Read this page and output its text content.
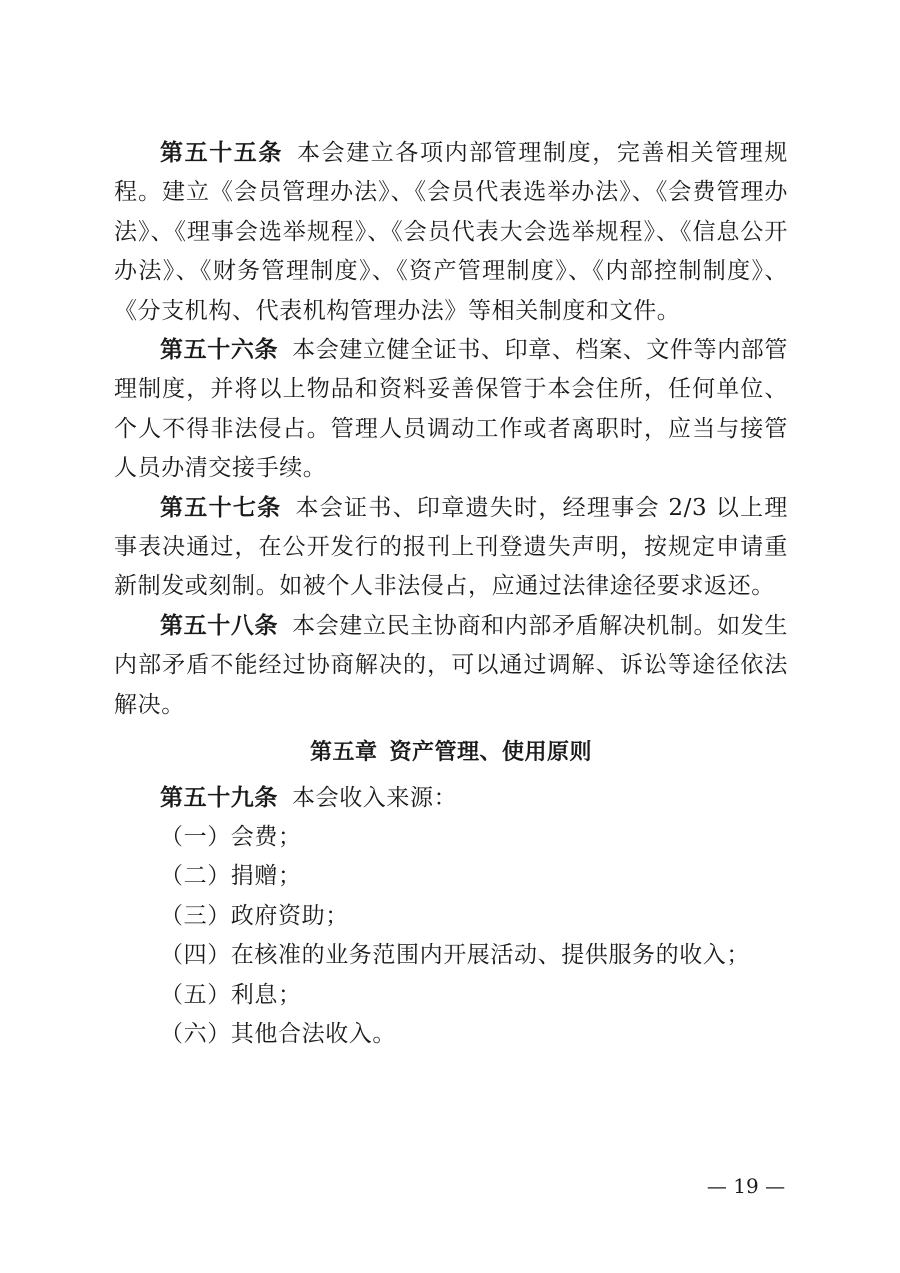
第五十五条 本会建立各项内部管理制度，完善相关管理规程。建立《会员管理办法》、《会员代表选举办法》、《会费管理办法》、《理事会选举规程》、《会员代表大会选举规程》、《信息公开办法》、《财务管理制度》、《资产管理制度》、《内部控制制度》、《分支机构、代表机构管理办法》等相关制度和文件。

第五十六条 本会建立健全证书、印章、档案、文件等内部管理制度，并将以上物品和资料妥善保管于本会住所，任何单位、个人不得非法侵占。管理人员调动工作或者离职时，应当与接管人员办清交接手续。

第五十七条 本会证书、印章遗失时，经理事会 2/3 以上理事表决通过，在公开发行的报刊上刊登遗失声明，按规定申请重新制发或刻制。如被个人非法侵占，应通过法律途径要求返还。

第五十八条 本会建立民主协商和内部矛盾解决机制。如发生内部矛盾不能经过协商解决的，可以通过调解、诉讼等途径依法解决。

第五章 资产管理、使用原则

第五十九条 本会收入来源：

（一）会费；

（二）捐赠；

（三）政府资助；

（四）在核准的业务范围内开展活动、提供服务的收入；

（五）利息；

（六）其他合法收入。

— 19 —
